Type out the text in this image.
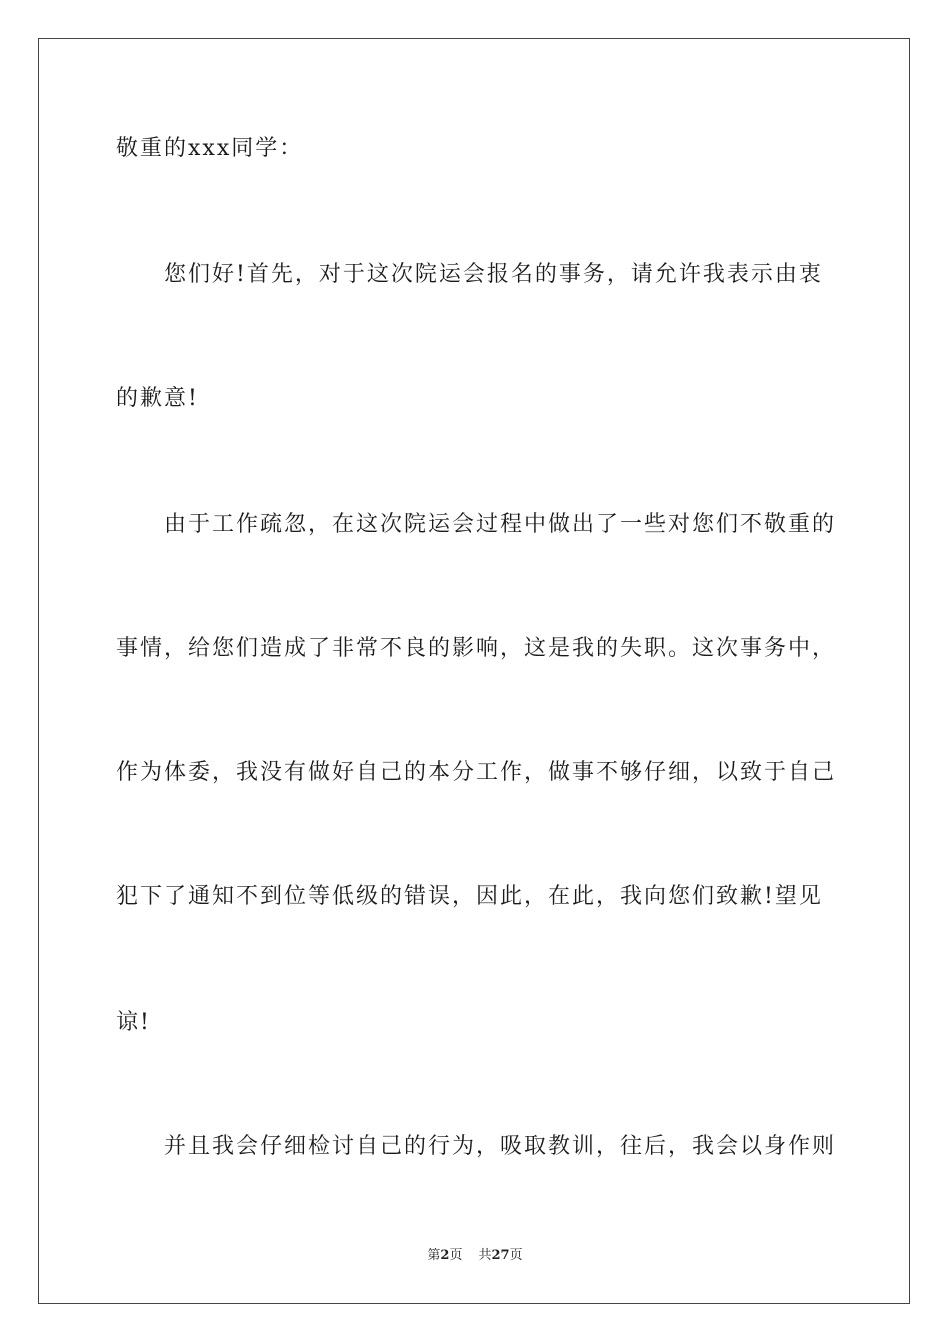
敬重的xxx同学：
您们好!首先，对于这次院运会报名的事务，请允许我表示由衷
的歉意!
由于工作疏忽，在这次院运会过程中做出了一些对您们不敬重的
事情，给您们造成了非常不良的影响，这是我的失职。这次事务中，
作为体委，我没有做好自己的本分工作，做事不够仔细，以致于自己
犯下了通知不到位等低级的错误，因此，在此，我向您们致歉!望见
谅!
并且我会仔细检讨自己的行为，吸取教训，往后，我会以身作则
第2页 共27页
